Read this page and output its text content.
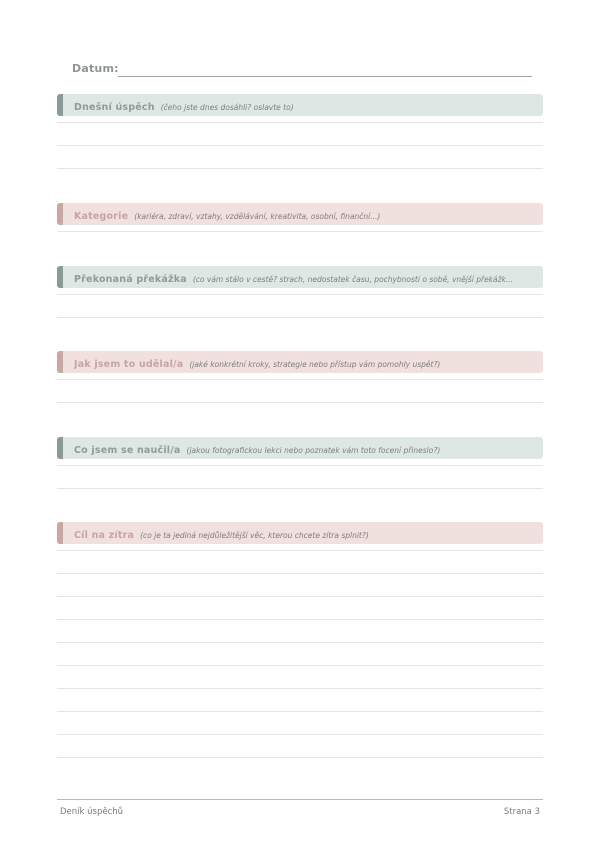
Datum:
Dnešní úspěch (čeho jste dnes dosáhli? oslavte to)
Kategorie (kariéra, zdraví, vztahy, vzdělávání, kreativita, osobní, finanční...)
Překonaná překážka (co vám stálo v cestě? strach, nedostatek času, pochybnosti o sobě, vnější překážk...
Jak jsem to udělal/a (jaké konkrétní kroky, strategie nebo přístup vám pomohly uspět?)
Co jsem se naučil/a (jakou fotografickou lekci nebo poznatek vám toto focení přineslo?)
Cíl na zítra (co je ta jediná nejdůležitější věc, kterou chcete zítra splnit?)
Deník úspěchů	Strana 3
